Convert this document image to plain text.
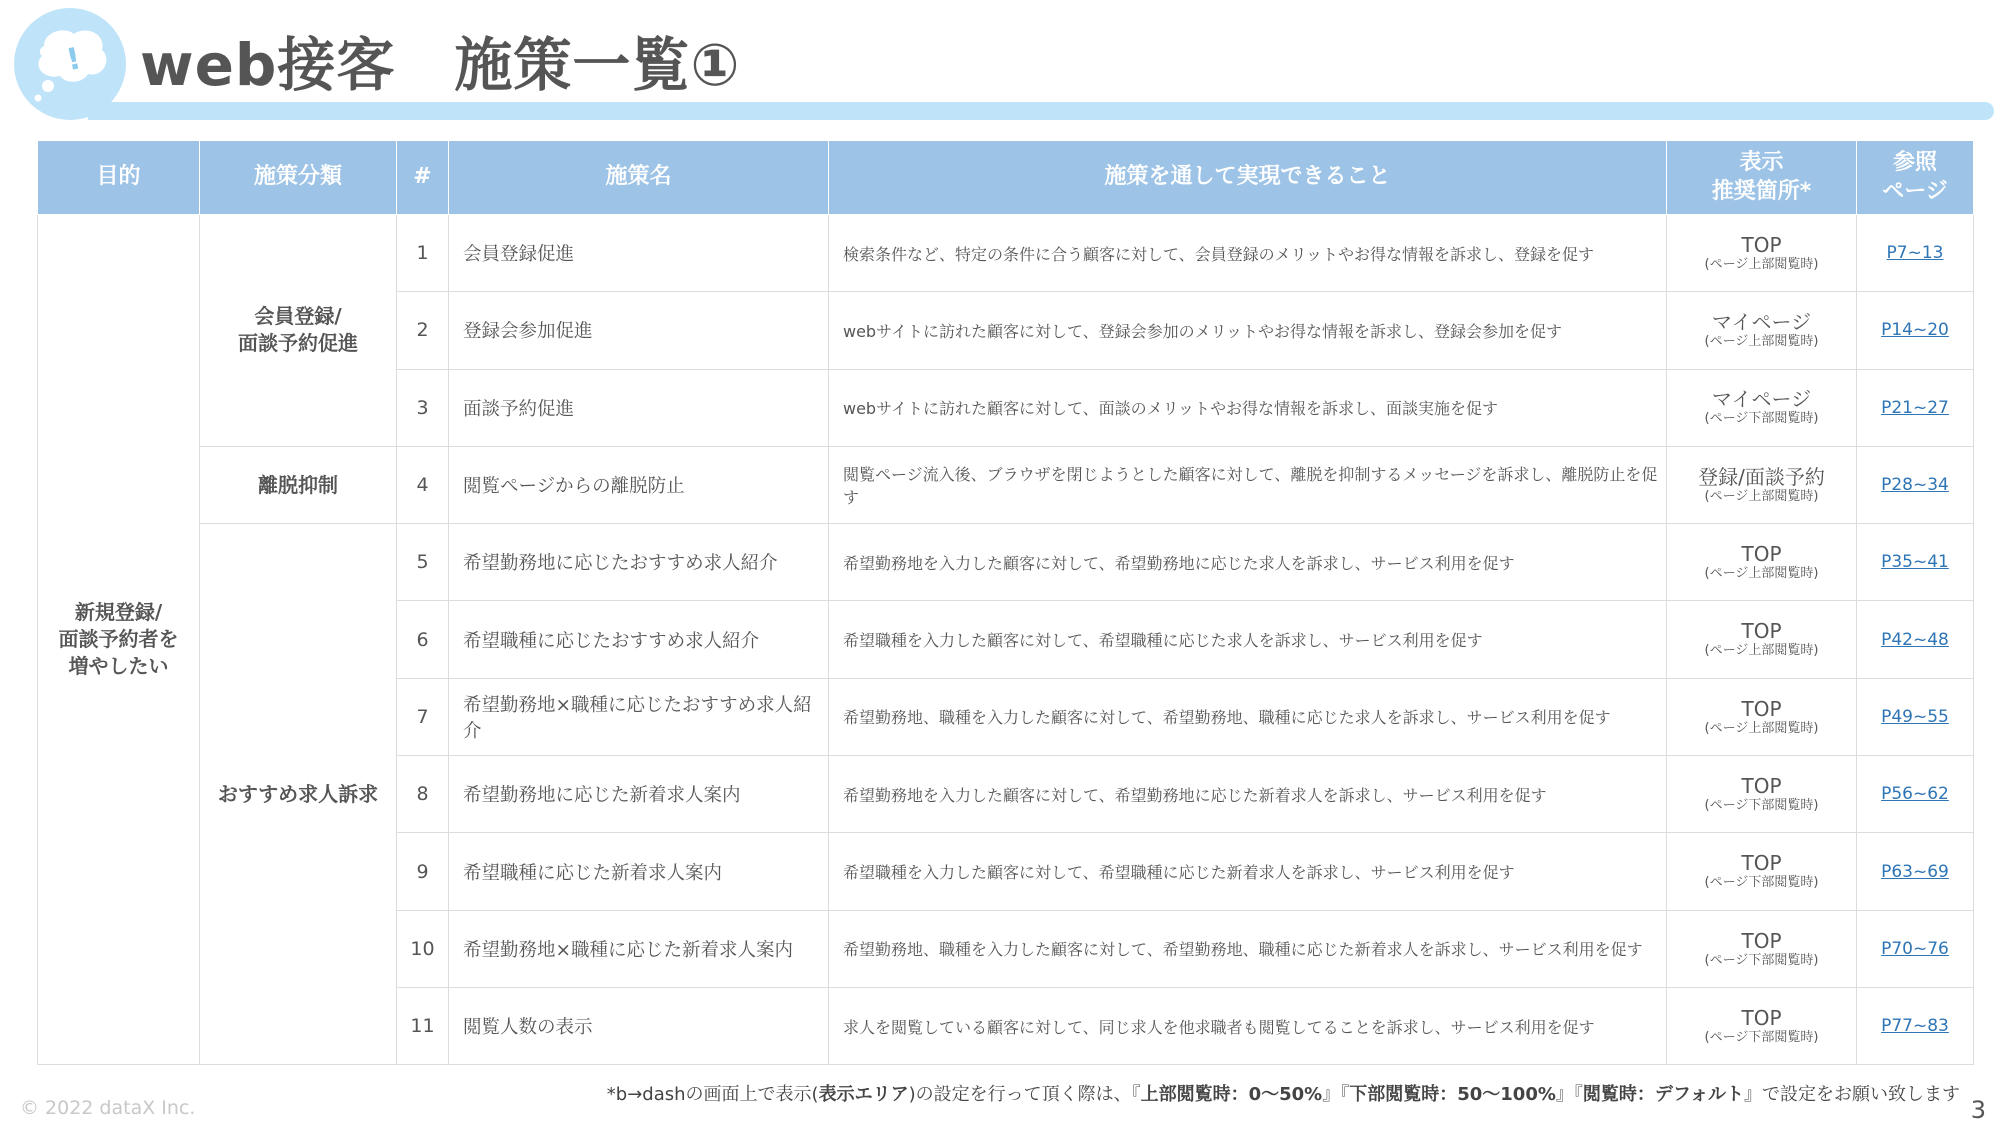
! web接客　施策一覧①
目的	施策分類	#	施策名	施策を通して実現できること	表示
推奨箇所*	参照
ページ
新規登録/
面談予約者を
増やしたい	会員登録/
面談予約促進	1	会員登録促進	検索条件など、特定の条件に合う顧客に対して、会員登録のメリットやお得な情報を訴求し、登録を促す	TOP
(ページ上部閲覧時)	P7~13
		2	登録会参加促進	webサイトに訪れた顧客に対して、登録会参加のメリットやお得な情報を訴求し、登録会参加を促す	マイページ
(ページ上部閲覧時)	P14~20
		3	面談予約促進	webサイトに訪れた顧客に対して、面談のメリットやお得な情報を訴求し、面談実施を促す	マイページ
(ページ下部閲覧時)	P21~27
	離脱抑制	4	閲覧ページからの離脱防止	閲覧ページ流入後、ブラウザを閉じようとした顧客に対して、離脱を抑制するメッセージを訴求し、離脱防止を促す	登録/面談予約
(ページ上部閲覧時)	P28~34
	おすすめ求人訴求	5	希望勤務地に応じたおすすめ求人紹介	希望勤務地を入力した顧客に対して、希望勤務地に応じた求人を訴求し、サービス利用を促す	TOP
(ページ上部閲覧時)	P35~41
		6	希望職種に応じたおすすめ求人紹介	希望職種を入力した顧客に対して、希望職種に応じた求人を訴求し、サービス利用を促す	TOP
(ページ上部閲覧時)	P42~48
		7	希望勤務地×職種に応じたおすすめ求人紹介	希望勤務地、職種を入力した顧客に対して、希望勤務地、職種に応じた求人を訴求し、サービス利用を促す	TOP
(ページ上部閲覧時)	P49~55
		8	希望勤務地に応じた新着求人案内	希望勤務地を入力した顧客に対して、希望勤務地に応じた新着求人を訴求し、サービス利用を促す	TOP
(ページ下部閲覧時)	P56~62
		9	希望職種に応じた新着求人案内	希望職種を入力した顧客に対して、希望職種に応じた新着求人を訴求し、サービス利用を促す	TOP
(ページ下部閲覧時)	P63~69
		10	希望勤務地×職種に応じた新着求人案内	希望勤務地、職種を入力した顧客に対して、希望勤務地、職種に応じた新着求人を訴求し、サービス利用を促す	TOP
(ページ下部閲覧時)	P70~76
		11	閲覧人数の表示	求人を閲覧している顧客に対して、同じ求人を他求職者も閲覧してることを訴求し、サービス利用を促す	TOP
(ページ下部閲覧時)	P77~83
*b→dashの画面上で表示(表示エリア)の設定を行って頂く際は、『上部閲覧時：0～50%』『下部閲覧時：50～100%』『閲覧時：デフォルト』で設定をお願い致します
© 2022 dataX Inc.	3
